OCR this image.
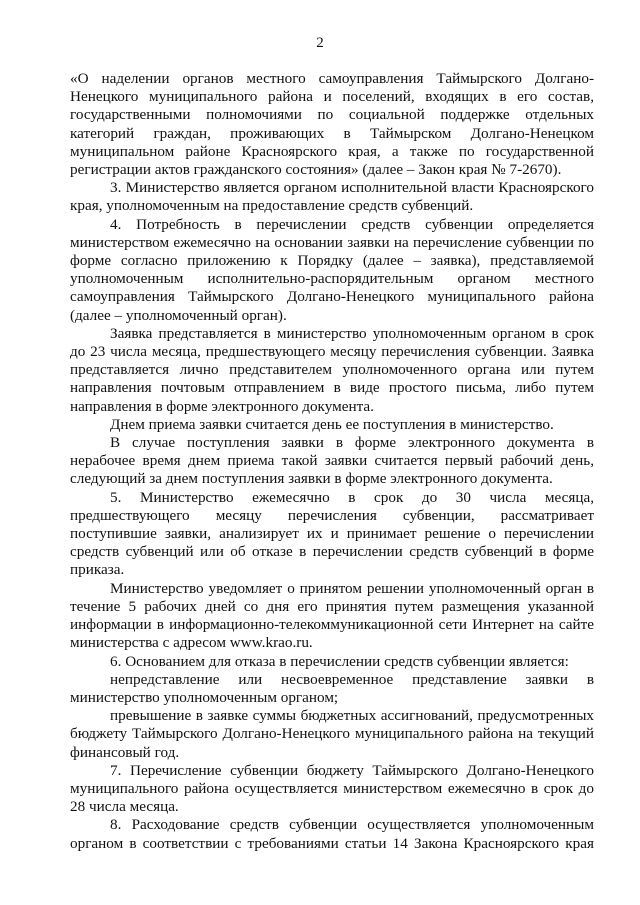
2

«О наделении органов местного самоуправления Таймырского Долгано-Ненецкого муниципального района и поселений, входящих в его состав, государственными полномочиями по социальной поддержке отдельных категорий граждан, проживающих в Таймырском Долгано-Ненецком муниципальном районе Красноярского края, а также по государственной регистрации актов гражданского состояния» (далее – Закон края № 7-2670).

3. Министерство является органом исполнительной власти Красноярского края, уполномоченным на предоставление средств субвенций.

4. Потребность в перечислении средств субвенции определяется министерством ежемесячно на основании заявки на перечисление субвенции по форме согласно приложению к Порядку (далее – заявка), представляемой уполномоченным исполнительно-распорядительным органом местного самоуправления Таймырского Долгано-Ненецкого муниципального района (далее – уполномоченный орган).

Заявка представляется в министерство уполномоченным органом в срок до 23 числа месяца, предшествующего месяцу перечисления субвенции. Заявка представляется лично представителем уполномоченного органа или путем направления почтовым отправлением в виде простого письма, либо путем направления в форме электронного документа.

Днем приема заявки считается день ее поступления в министерство.

В случае поступления заявки в форме электронного документа в нерабочее время днем приема такой заявки считается первый рабочий день, следующий за днем поступления заявки в форме электронного документа.

5. Министерство ежемесячно в срок до 30 числа месяца, предшествующего месяцу перечисления субвенции, рассматривает поступившие заявки, анализирует их и принимает решение о перечислении средств субвенций или об отказе в перечислении средств субвенций в форме приказа.

Министерство уведомляет о принятом решении уполномоченный орган в течение 5 рабочих дней со дня его принятия путем размещения указанной информации в информационно-телекоммуникационной сети Интернет на сайте министерства с адресом www.krao.ru.

6. Основанием для отказа в перечислении средств субвенции является:

непредставление или несвоевременное представление заявки в министерство уполномоченным органом;

превышение в заявке суммы бюджетных ассигнований, предусмотренных бюджету Таймырского Долгано-Ненецкого муниципального района на текущий финансовый год.

7. Перечисление субвенции бюджету Таймырского Долгано-Ненецкого муниципального района осуществляется министерством ежемесячно в срок до 28 числа месяца.

8. Расходование средств субвенции осуществляется уполномоченным органом в соответствии с требованиями статьи 14 Закона Красноярского края
